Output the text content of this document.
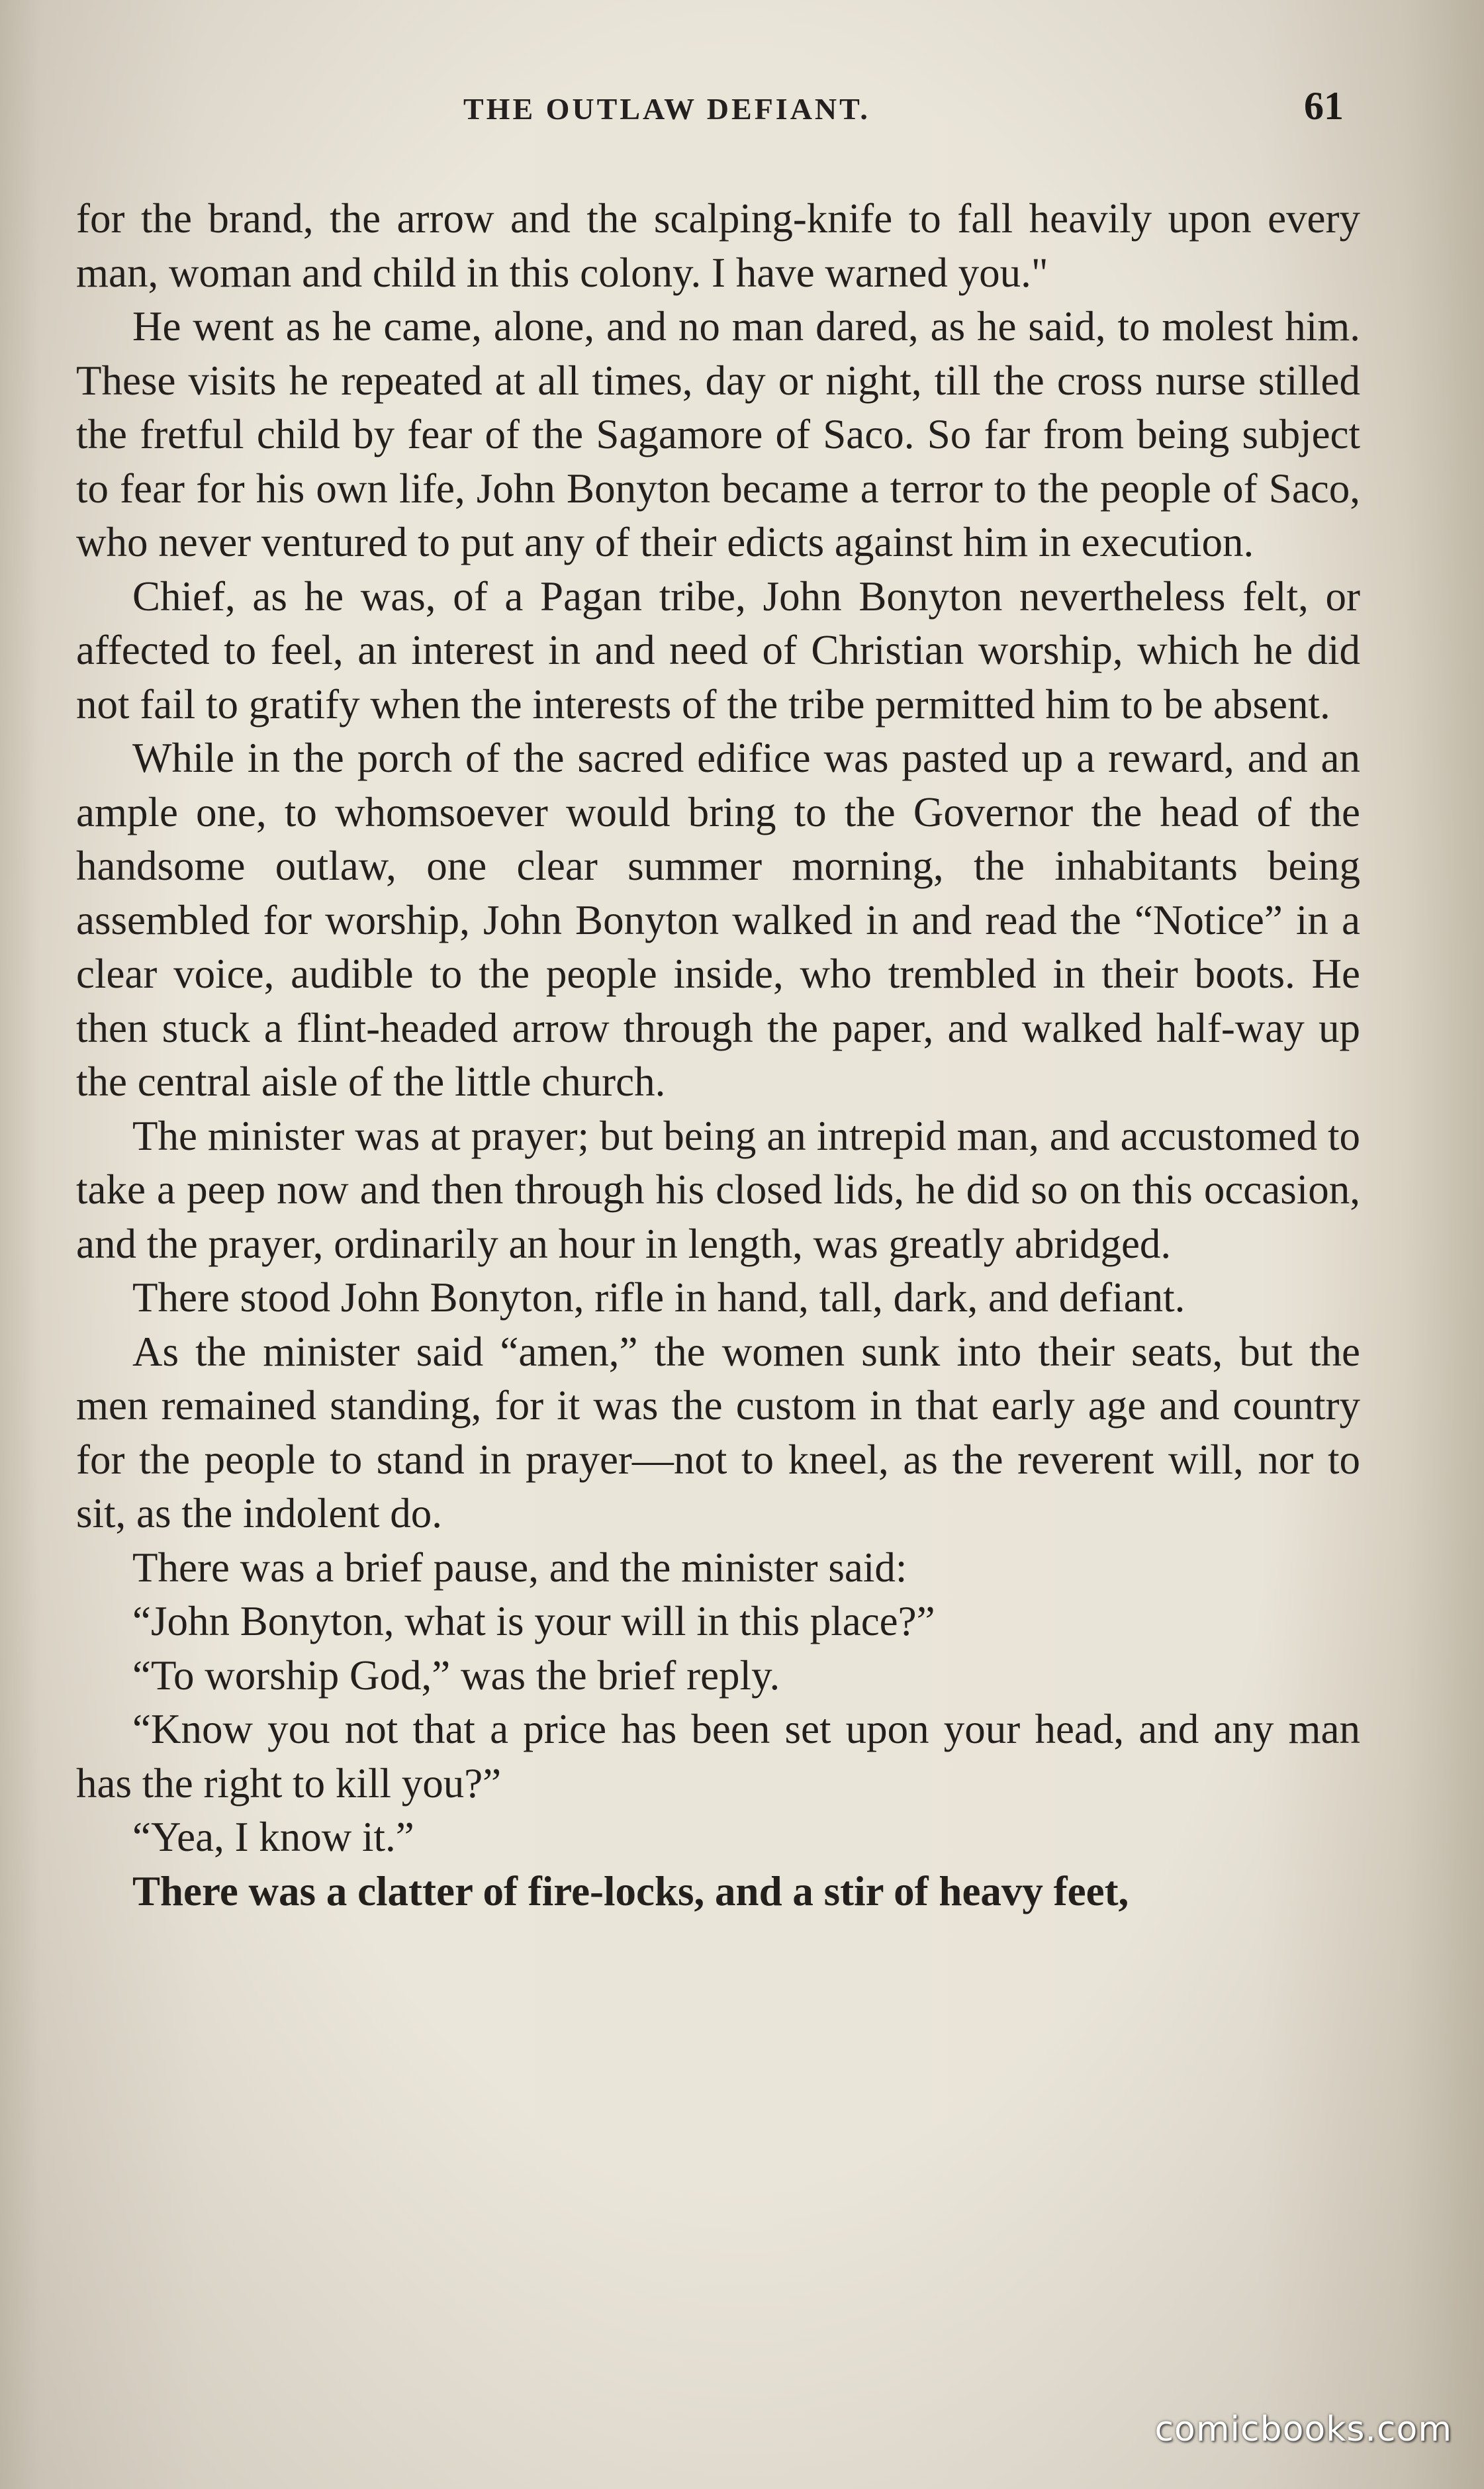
THE OUTLAW DEFIANT.	61

for the brand, the arrow and the scalping-knife to fall heavily upon every man, woman and child in this colony. I have warned you."

He went as he came, alone, and no man dared, as he said, to molest him. These visits he repeated at all times, day or night, till the cross nurse stilled the fretful child by fear of the Sagamore of Saco. So far from being subject to fear for his own life, John Bonyton became a terror to the people of Saco, who never ventured to put any of their edicts against him in execution.

Chief, as he was, of a Pagan tribe, John Bonyton nevertheless felt, or affected to feel, an interest in and need of Christian worship, which he did not fail to gratify when the interests of the tribe permitted him to be absent.

While in the porch of the sacred edifice was pasted up a reward, and an ample one, to whomsoever would bring to the Governor the head of the handsome outlaw, one clear summer morning, the inhabitants being assembled for worship, John Bonyton walked in and read the “Notice” in a clear voice, audible to the people inside, who trembled in their boots. He then stuck a flint-headed arrow through the paper, and walked half-way up the central aisle of the little church.

The minister was at prayer; but being an intrepid man, and accustomed to take a peep now and then through his closed lids, he did so on this occasion, and the prayer, ordinarily an hour in length, was greatly abridged.

There stood John Bonyton, rifle in hand, tall, dark, and defiant.

As the minister said “amen,” the women sunk into their seats, but the men remained standing, for it was the custom in that early age and country for the people to stand in prayer—not to kneel, as the reverent will, nor to sit, as the indolent do.

There was a brief pause, and the minister said:

“John Bonyton, what is your will in this place?”

“To worship God,” was the brief reply.

“Know you not that a price has been set upon your head, and any man has the right to kill you?”

“Yea, I know it.”

There was a clatter of fire-locks, and a stir of heavy feet,

comicbooks.com
